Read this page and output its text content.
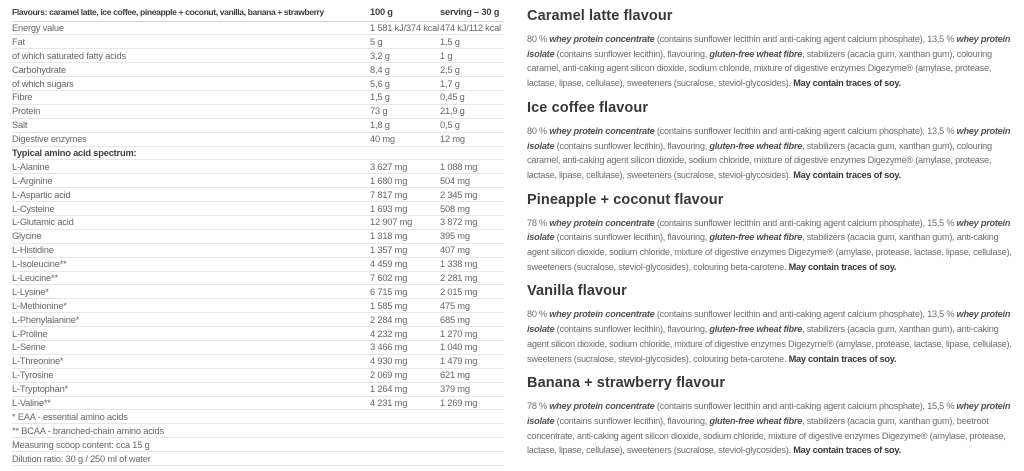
Flavours: caramel latte, ice coffee, pineapple + coconut, vanilla, banana + strawberry	100 g	serving – 30 g
Energy value	1 581 kJ/374 kcal	474 kJ/112 kcal
Fat	5 g	1,5 g
of which saturated fatty acids	3,2 g	1 g
Carbohydrate	8,4 g	2,5 g
of which sugars	5,6 g	1,7 g
Fibre	1,5 g	0,45 g
Protein	73 g	21,9 g
Salt	1,8 g	0,5 g
Digestive enzymes	40 mg	12 mg
Typical amino acid spectrum:		
L-Alanine	3 627 mg	1 088 mg
L-Arginine	1 680 mg	504 mg
L-Aspartic acid	7 817 mg	2 345 mg
L-Cysteine	1 693 mg	508 mg
L-Glutamic acid	12 907 mg	3 872 mg
Glycine	1 318 mg	395 mg
L-Histidine	1 357 mg	407 mg
L-Isoleucine**	4 459 mg	1 338 mg
L-Leucine**	7 602 mg	2 281 mg
L-Lysine*	6 715 mg	2 015 mg
L-Methionine*	1 585 mg	475 mg
L-Phenylalanine*	2 284 mg	685 mg
L-Proline	4 232 mg	1 270 mg
L-Serine	3 466 mg	1 040 mg
L-Threonine*	4 930 mg	1 479 mg
L-Tyrosine	2 069 mg	621 mg
L-Tryptophan*	1 264 mg	379 mg
L-Valine**	4 231 mg	1 269 mg
* EAA - essential amino acids		
** BCAA - branched-chain amino acids		
Measuring scoop content: cca 15 g		
Dilution ratio: 30 g / 250 ml of water		
Caramel latte flavour

80 % whey protein concentrate (contains sunflower lecithin and anti-caking agent calcium phosphate), 13,5 % whey protein isolate (contains sunflower lecithin), flavouring, gluten-free wheat fibre, stabilizers (acacia gum, xanthan gum), colouring caramel, anti-caking agent silicon dioxide, sodium chloride, mixture of digestive enzymes Digezyme® (amylase, protease, lactase, lipase, cellulase), sweeteners (sucralose, steviol-glycosides). May contain traces of soy.

Ice coffee flavour

80 % whey protein concentrate (contains sunflower lecithin and anti-caking agent calcium phosphate), 13,5 % whey protein isolate (contains sunflower lecithin), flavouring, gluten-free wheat fibre, stabilizers (acacia gum, xanthan gum), colouring caramel, anti-caking agent silicon dioxide, sodium chloride, mixture of digestive enzymes Digezyme® (amylase, protease, lactase, lipase, cellulase), sweeteners (sucralose, steviol-glycosides). May contain traces of soy.

Pineapple + coconut flavour

78 % whey protein concentrate (contains sunflower lecithin and anti-caking agent calcium phosphate), 15,5 % whey protein isolate (contains sunflower lecithin), flavouring, gluten-free wheat fibre, stabilizers (acacia gum, xanthan gum), anti-caking agent silicon dioxide, sodium chloride, mixture of digestive enzymes Digezyme® (amylase, protease, lactase, lipase, cellulase), sweeteners (sucralose, steviol-glycosides), colouring beta-carotene. May contain traces of soy.

Vanilla flavour

80 % whey protein concentrate (contains sunflower lecithin and anti-caking agent calcium phosphate), 13,5 % whey protein isolate (contains sunflower lecithin), flavouring, gluten-free wheat fibre, stabilizers (acacia gum, xanthan gum), anti-caking agent silicon dioxide, sodium chloride, mixture of digestive enzymes Digezyme® (amylase, protease, lactase, lipase, cellulase), sweeteners (sucralose, steviol-glycosides), colouring beta-carotene. May contain traces of soy.

Banana + strawberry flavour

78 % whey protein concentrate (contains sunflower lecithin and anti-caking agent calcium phosphate), 15,5 % whey protein isolate (contains sunflower lecithin), flavouring, gluten-free wheat fibre, stabilizers (acacia gum, xanthan gum), beetroot concentrate, anti-caking agent silicon dioxide, sodium chloride, mixture of digestive enzymes Digezyme® (amylase, protease, lactase, lipase, cellulase), sweeteners (sucralose, steviol-glycosides). May contain traces of soy.
